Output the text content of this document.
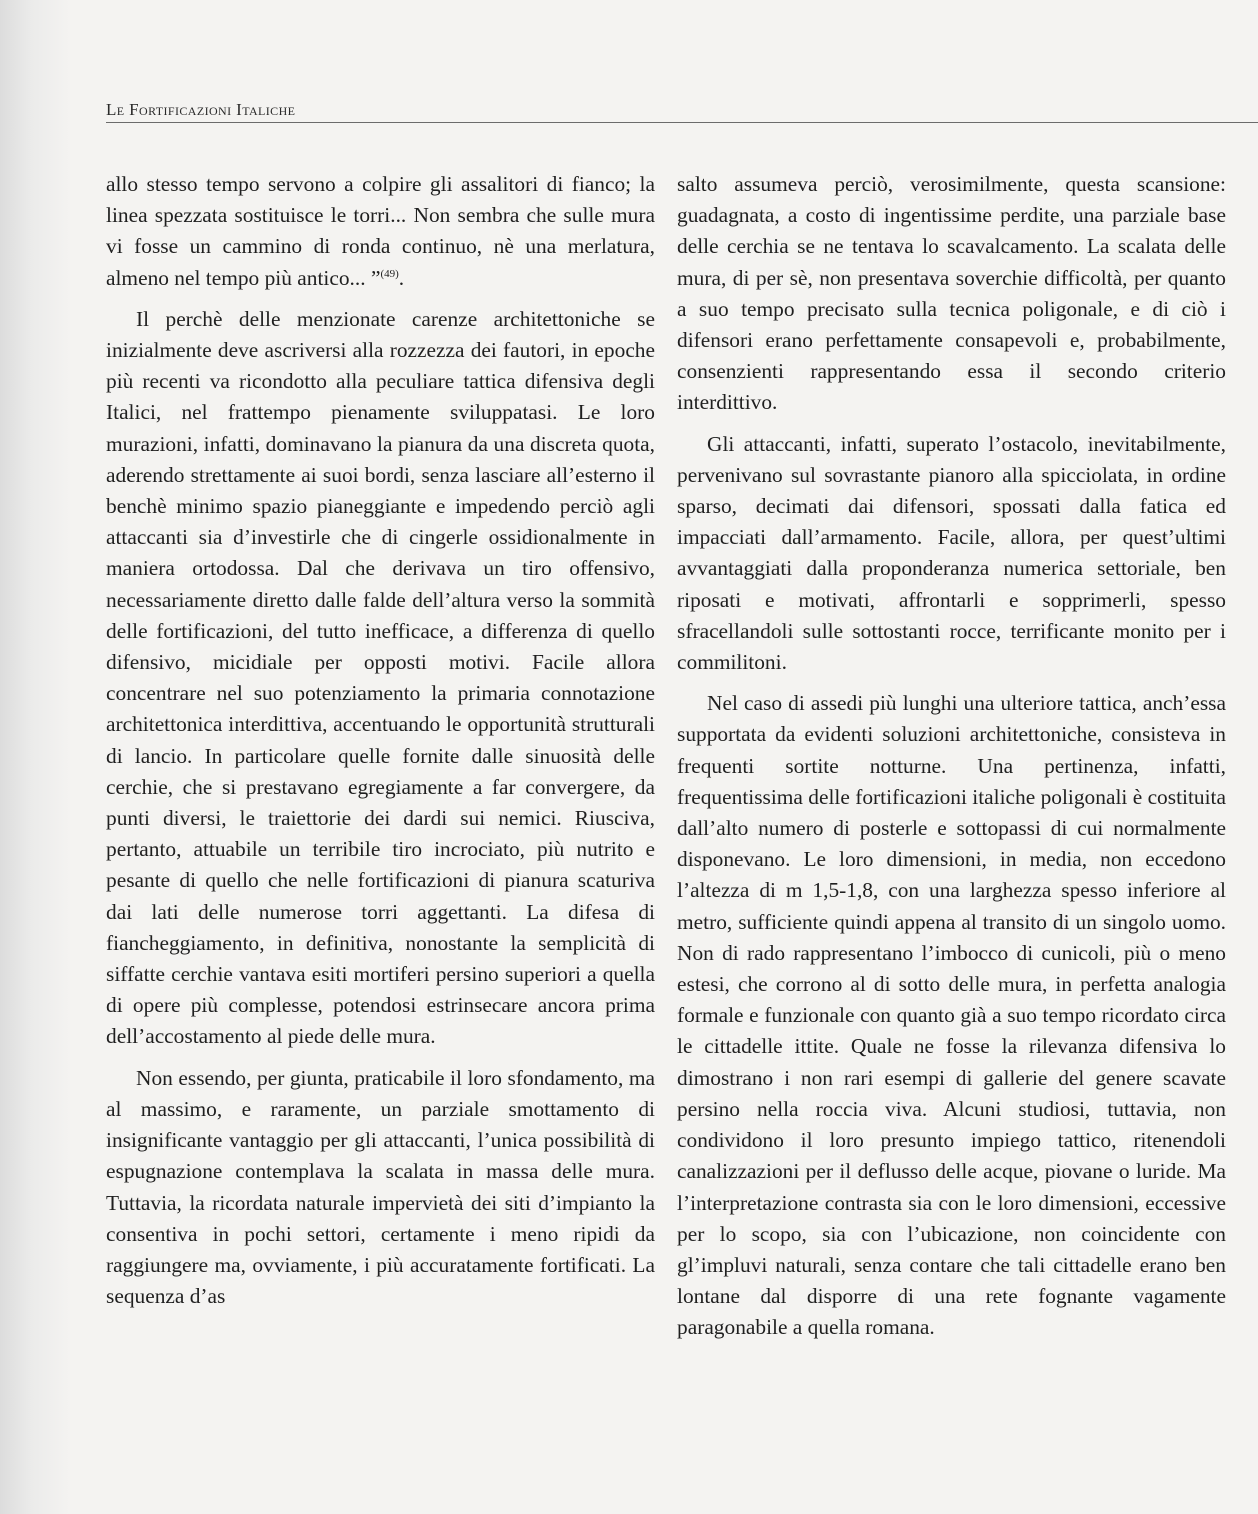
Le Fortificazioni Italiche

allo stesso tempo servono a colpire gli assalitori di fianco; la linea spezzata sostituisce le torri... Non sembra che sulle mura vi fosse un cammino di ronda continuo, nè una merlatura, almeno nel tempo più antico... ”$^{(49)}$.

Il perchè delle menzionate carenze architettoniche se inizialmente deve ascriversi alla rozzezza dei fautori, in epoche più recenti va ricondotto alla peculiare tattica difensiva degli Italici, nel frattempo pienamente sviluppatasi. Le loro murazioni, infatti, dominavano la pianura da una discreta quota, aderendo strettamente ai suoi bordi, senza lasciare all’esterno il benchè minimo spazio pianeggiante e impedendo perciò agli attaccanti sia d’investirle che di cingerle ossidionalmente in maniera ortodossa. Dal che derivava un tiro offensivo, necessariamente diretto dalle falde dell’altura verso la sommità delle fortificazioni, del tutto inefficace, a differenza di quello difensivo, micidiale per opposti motivi. Facile allora concentrare nel suo potenziamento la primaria connotazione architettonica interdittiva, accentuando le opportunità strutturali di lancio. In particolare quelle fornite dalle sinuosità delle cerchie, che si prestavano egregiamente a far convergere, da punti diversi, le traiettorie dei dardi sui nemici. Riusciva, pertanto, attuabile un terribile tiro incrociato, più nutrito e pesante di quello che nelle fortificazioni di pianura scaturiva dai lati delle numerose torri aggettanti. La difesa di fiancheggiamento, in definitiva, nonostante la semplicità di siffatte cerchie vantava esiti mortiferi persino superiori a quella di opere più complesse, potendosi estrinsecare ancora prima dell’accostamento al piede delle mura.

Non essendo, per giunta, praticabile il loro sfondamento, ma al massimo, e raramente, un parziale smottamento di insignificante vantaggio per gli attaccanti, l’unica possibilità di espugnazione contemplava la scalata in massa delle mura. Tuttavia, la ricordata naturale impervietà dei siti d’impianto la consentiva in pochi settori, certamente i meno ripidi da raggiungere ma, ovviamente, i più accuratamente fortificati. La sequenza d’as

salto assumeva perciò, verosimilmente, questa scansione: guadagnata, a costo di ingentissime perdite, una parziale base delle cerchia se ne tentava lo scavalcamento. La scalata delle mura, di per sè, non presentava soverchie difficoltà, per quanto a suo tempo precisato sulla tecnica poligonale, e di ciò i difensori erano perfettamente consapevoli e, probabilmente, consenzienti rappresentando essa il secondo criterio interdittivo.

Gli attaccanti, infatti, superato l’ostacolo, inevitabilmente, pervenivano sul sovrastante pianoro alla spicciolata, in ordine sparso, decimati dai difensori, spossati dalla fatica ed impacciati dall’armamento. Facile, allora, per quest’ultimi avvantaggiati dalla proponderanza numerica settoriale, ben riposati e motivati, affrontarli e sopprimerli, spesso sfracellandoli sulle sottostanti rocce, terrificante monito per i commilitoni.

Nel caso di assedi più lunghi una ulteriore tattica, anch’essa supportata da evidenti soluzioni architettoniche, consisteva in frequenti sortite notturne. Una pertinenza, infatti, frequentissima delle fortificazioni italiche poligonali è costituita dall’alto numero di posterle e sottopassi di cui normalmente disponevano. Le loro dimensioni, in media, non eccedono l’altezza di m 1,5-1,8, con una larghezza spesso inferiore al metro, sufficiente quindi appena al transito di un singolo uomo. Non di rado rappresentano l’imbocco di cunicoli, più o meno estesi, che corrono al di sotto delle mura, in perfetta analogia formale e funzionale con quanto già a suo tempo ricordato circa le cittadelle ittite. Quale ne fosse la rilevanza difensiva lo dimostrano i non rari esempi di gallerie del genere scavate persino nella roccia viva. Alcuni studiosi, tuttavia, non condividono il loro presunto impiego tattico, ritenendoli canalizzazioni per il deflusso delle acque, piovane o luride. Ma l’interpretazione contrasta sia con le loro dimensioni, eccessive per lo scopo, sia con l’ubicazione, non coincidente con gl’impluvi naturali, senza contare che tali cittadelle erano ben lontane dal disporre di una rete fognante vagamente paragonabile a quella romana.
